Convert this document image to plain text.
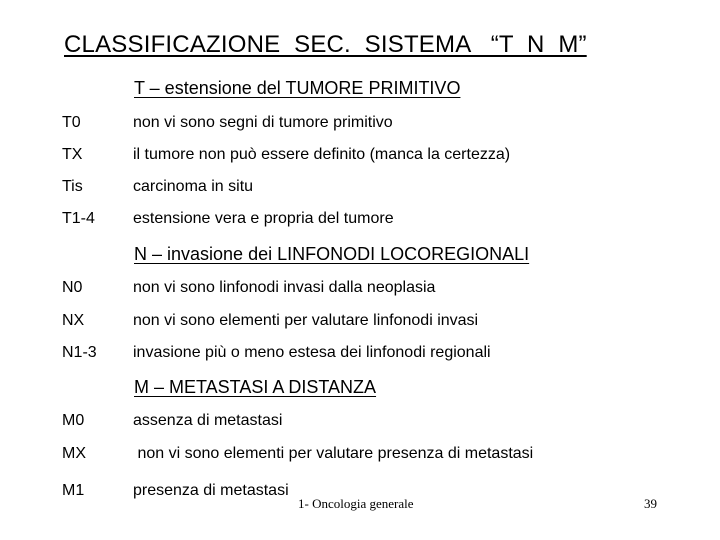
CLASSIFICAZIONE  SEC.  SISTEMA   “T  N  M”
T – estensione del TUMORE PRIMITIVO
T0	non vi sono segni di tumore primitivo
TX	il tumore non può essere definito (manca la certezza)
Tis	carcinoma in situ
T1-4 estensione vera e propria del tumore
N – invasione dei LINFONODI LOCOREGIONALI
N0	non vi sono linfonodi invasi dalla neoplasia
NX	non vi sono elementi per valutare linfonodi invasi
N1-3 invasione più o meno estesa dei linfonodi regionali
M – METASTASI A DISTANZA
M0	assenza di metastasi
MX	non vi sono elementi per valutare presenza di metastasi
M1	presenza di metastasi
1- Oncologia generale	39
